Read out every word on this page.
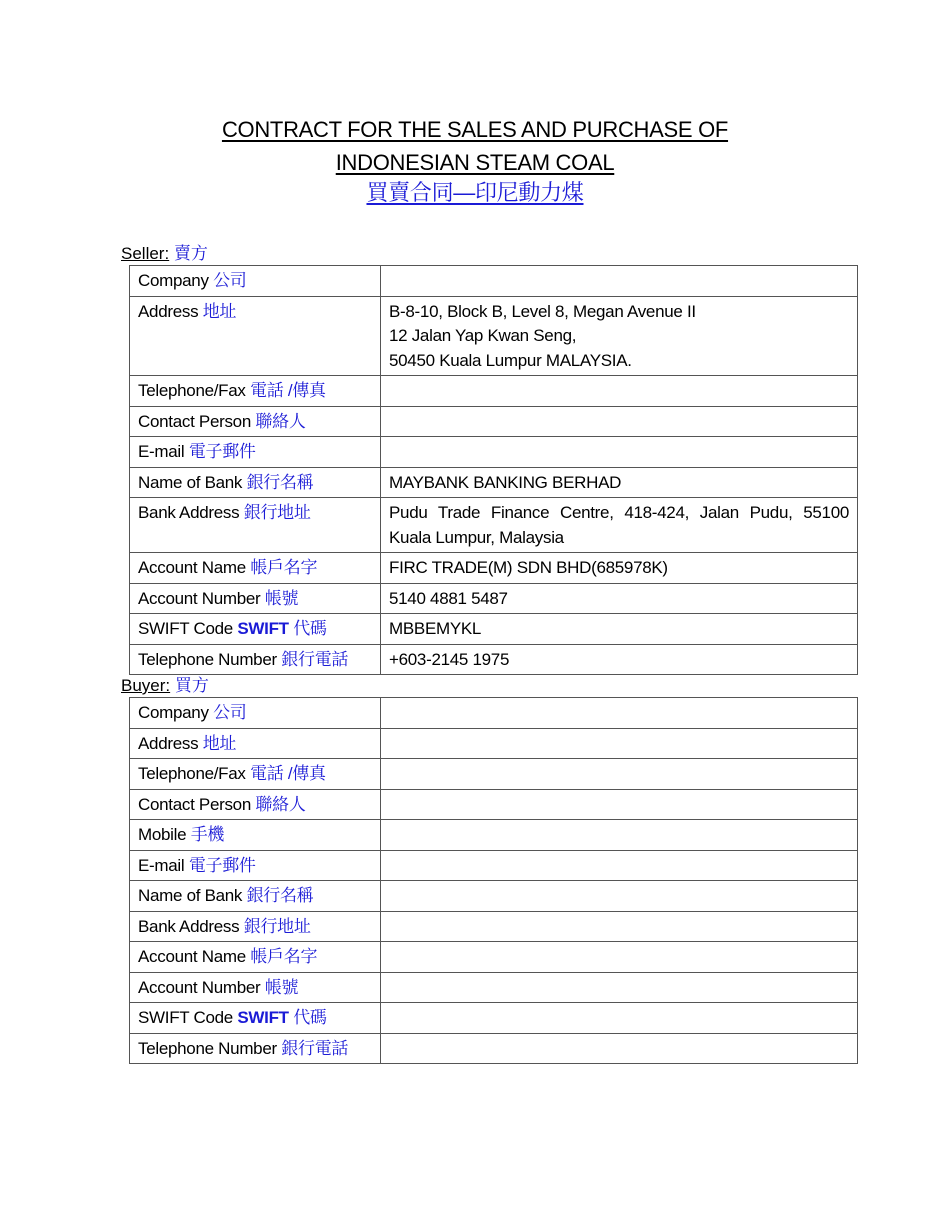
CONTRACT FOR THE SALES AND PURCHASE OF
INDONESIAN STEAM COAL
買賣合同—印尼動力煤
Seller: 賣方
Company 公司	
Address 地址	B-8-10, Block B, Level 8, Megan Avenue II
12 Jalan Yap Kwan Seng,
50450 Kuala Lumpur MALAYSIA.

Telephone/Fax 電話 /傳真	
Contact Person 聯絡人	
E-mail 電子郵件	
Name of Bank 銀行名稱	MAYBANK BANKING BERHAD
Bank Address 銀行地址	Pudu Trade Finance Centre, 418-424, Jalan Pudu, 55100 Kuala Lumpur, Malaysia
Account Name 帳戶名字	FIRC TRADE(M) SDN BHD(685978K)
Account Number 帳號	5140 4881 5487
SWIFT Code SWIFT 代碼	MBBEMYKL
Telephone Number 銀行電話	+603-2145 1975
Buyer: 買方
Company 公司	
Address 地址	
Telephone/Fax 電話 /傳真	
Contact Person 聯絡人	
Mobile 手機	
E-mail 電子郵件	
Name of Bank 銀行名稱	
Bank Address 銀行地址	
Account Name 帳戶名字	
Account Number 帳號	
SWIFT Code SWIFT 代碼	
Telephone Number 銀行電話	
